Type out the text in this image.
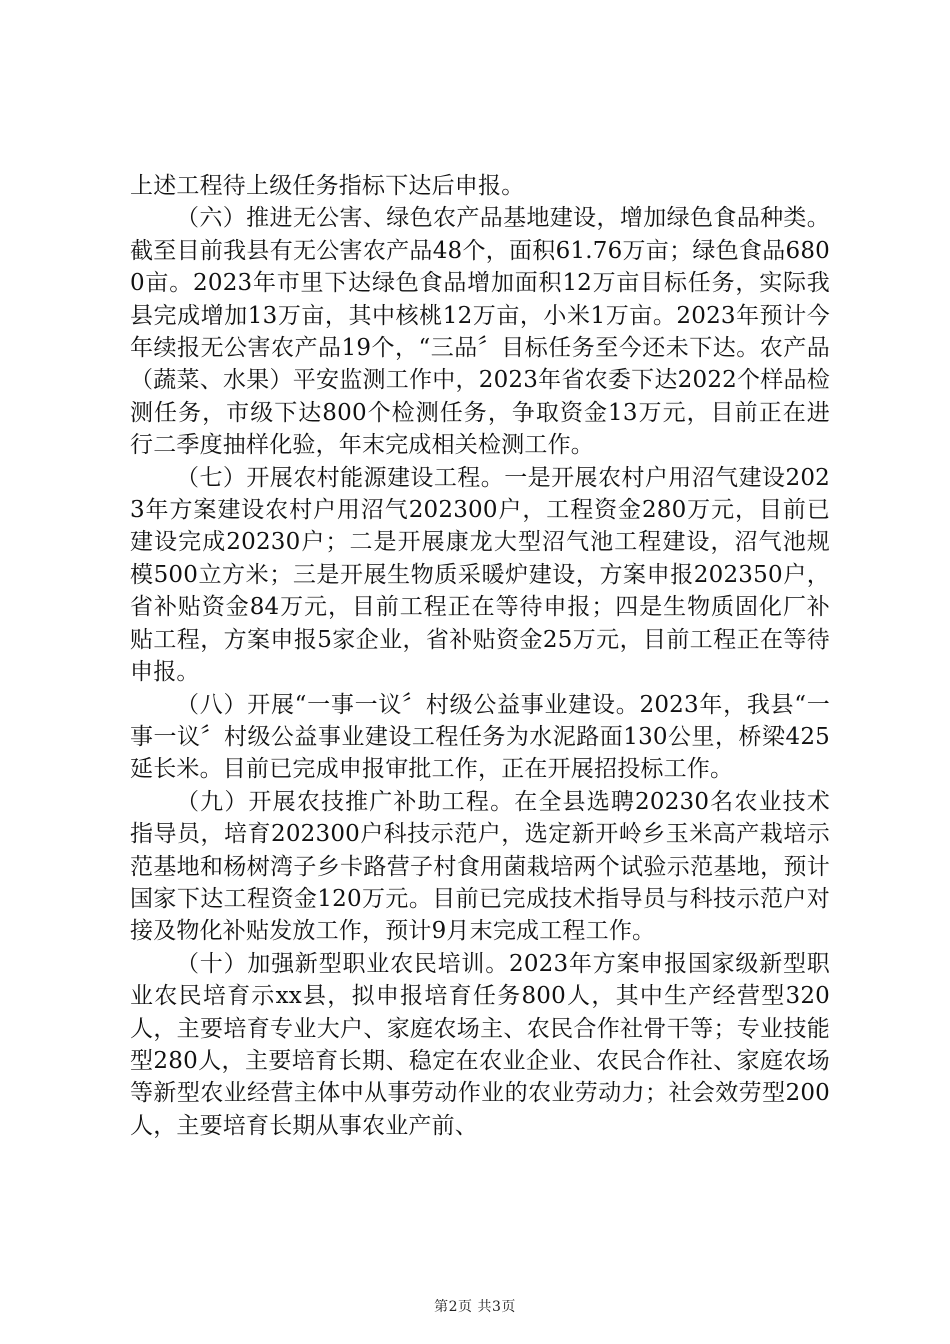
上述工程待上级任务指标下达后申报。

（六）推进无公害、绿色农产品基地建设，增加绿色食品种类。截至目前我县有无公害农产品48个，面积61.76万亩；绿色食品6800亩。2023年市里下达绿色食品增加面积12万亩目标任务，实际我县完成增加13万亩，其中核桃12万亩，小米1万亩。2023年预计今年续报无公害农产品19个，“三品〞目标任务至今还未下达。农产品（蔬菜、水果）平安监测工作中，2023年省农委下达2022个样品检测任务，市级下达800个检测任务，争取资金13万元，目前正在进行二季度抽样化验，年末完成相关检测工作。

（七）开展农村能源建设工程。一是开展农村户用沼气建设2023年方案建设农村户用沼气202300户，工程资金280万元，目前已建设完成20230户；二是开展康龙大型沼气池工程建设，沼气池规模500立方米；三是开展生物质采暖炉建设，方案申报202350户，省补贴资金84万元，目前工程正在等待申报；四是生物质固化厂补贴工程，方案申报5家企业，省补贴资金25万元，目前工程正在等待申报。

（八）开展“一事一议〞村级公益事业建设。2023年，我县“一事一议〞村级公益事业建设工程任务为水泥路面130公里，桥梁425延长米。目前已完成申报审批工作，正在开展招投标工作。

（九）开展农技推广补助工程。在全县选聘20230名农业技术指导员，培育202300户科技示范户，选定新开岭乡玉米高产栽培示范基地和杨树湾子乡卡路营子村食用菌栽培两个试验示范基地，预计国家下达工程资金120万元。目前已完成技术指导员与科技示范户对接及物化补贴发放工作，预计9月末完成工程工作。

（十）加强新型职业农民培训。2023年方案申报国家级新型职业农民培育示xx县，拟申报培育任务800人，其中生产经营型320人，主要培育专业大户、家庭农场主、农民合作社骨干等；专业技能型280人，主要培育长期、稳定在农业企业、农民合作社、家庭农场等新型农业经营主体中从事劳动作业的农业劳动力；社会效劳型200人，主要培育长期从事农业产前、

第2页 共3页
